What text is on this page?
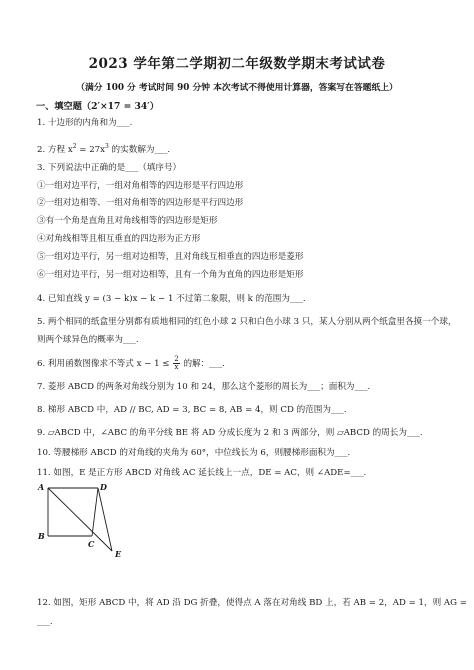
2023 学年第二学期初二年级数学期末考试试卷
（满分 100 分 考试时间 90 分钟 本次考试不得使用计算器，答案写在答题纸上）
一、填空题（2′×17 = 34′）
1. 十边形的内角和为___.
2. 方程 $x^2 = 27x^3$ 的实数解为___.
3. 下列说法中正确的是___（填序号）
①一组对边平行，一组对角相等的四边形是平行四边形
②一组对边相等、一组对角相等的四边形是平行四边形
③有一个角是直角且对角线相等的四边形是矩形
④对角线相等且相互垂直的四边形为正方形
⑤一组对边平行，另一组对边相等，且对角线互相垂直的四边形是菱形
⑥一组对边平行，另一组对边相等，且有一个角为直角的四边形是矩形
4. 已知直线 y = (3 − k)x − k − 1 不过第二象限，则 k 的范围为___.
5. 两个相同的纸盒里分别都有质地相同的红色小球 2 只和白色小球 3 只，某人分别从两个纸盒里各摸一个球，
则两个球异色的概率为___.
6. 利用函数图像求不等式 $x - 1 \le \frac{2}{x}$ 的解：___.
7. 菱形 ABCD 的两条对角线分别为 10 和 24，那么这个菱形的周长为___；面积为___.
8. 梯形 ABCD 中，AD // BC, AD = 3, BC = 8, AB = 4，则 CD 的范围为___.
9. ▱ABCD 中，∠ABC 的角平分线 BE 将 AD 分成长度为 2 和 3 两部分，则 ▱ABCD 的周长为___.
10. 等腰梯形 ABCD 的对角线的夹角为 60°，中位线长为 6，则腰梯形面积为___.
11. 如图，E 是正方形 ABCD 对角线 AC 延长线上一点，DE = AC，则 ∠ADE=___.
A	D
B
C
E
12. 如图，矩形 ABCD 中，将 AD 沿 DG 折叠，使得点 A 落在对角线 BD 上，若 AB = 2，AD = 1，则 AG =
___.
